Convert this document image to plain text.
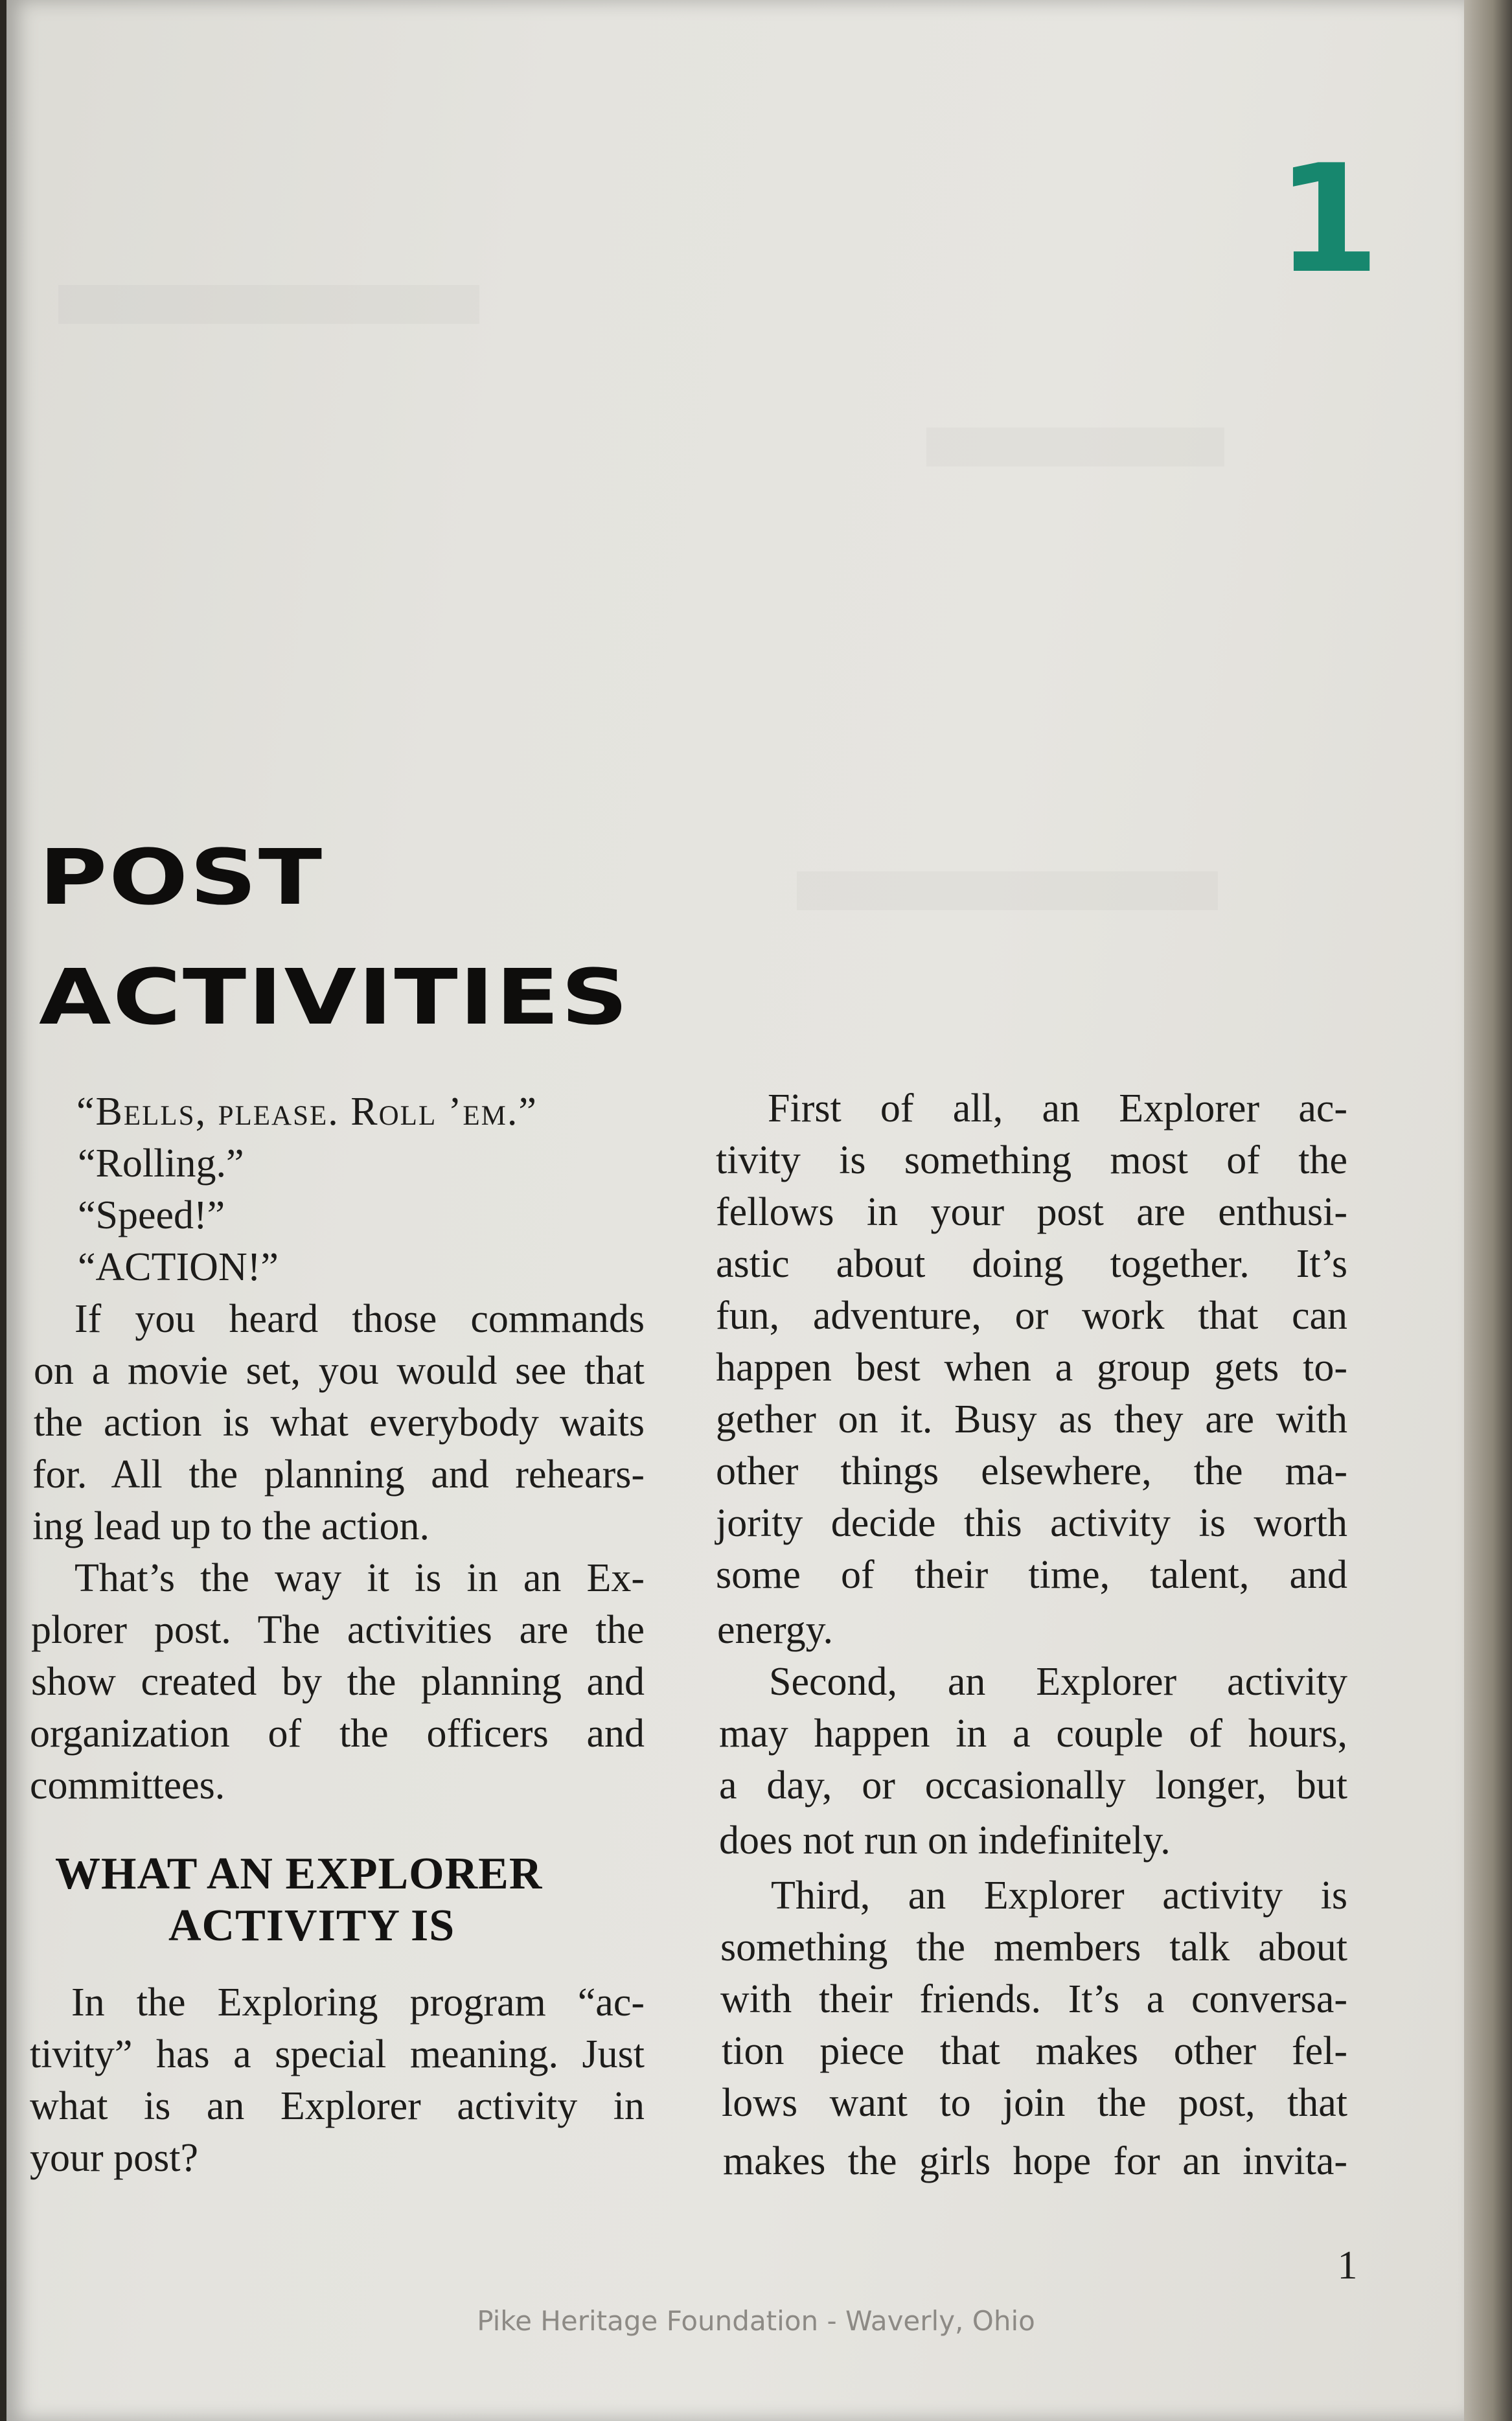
1
POST
ACTIVITIES
“Bells, please. Roll ’em.”
“Rolling.”
“Speed!”
“ACTION!”
If you heard those commands
on a movie set, you would see that
the action is what everybody waits
for. All the planning and rehears-
ing lead up to the action.
That’s the way it is in an Ex-
plorer post. The activities are the
show created by the planning and
organization of the officers and
committees.
WHAT AN EXPLORER
ACTIVITY IS
In the Exploring program “ac-
tivity” has a special meaning. Just
what is an Explorer activity in
your post?
First of all, an Explorer ac-
tivity is something most of the
fellows in your post are enthusi-
astic about doing together. It’s
fun, adventure, or work that can
happen best when a group gets to-
gether on it. Busy as they are with
other things elsewhere, the ma-
jority decide this activity is worth
some of their time, talent, and
energy.
Second, an Explorer activity
may happen in a couple of hours,
a day, or occasionally longer, but
does not run on indefinitely.
Third, an Explorer activity is
something the members talk about
with their friends. It’s a conversa-
tion piece that makes other fel-
lows want to join the post, that
makes the girls hope for an invita-
1
Pike Heritage Foundation - Waverly, Ohio
